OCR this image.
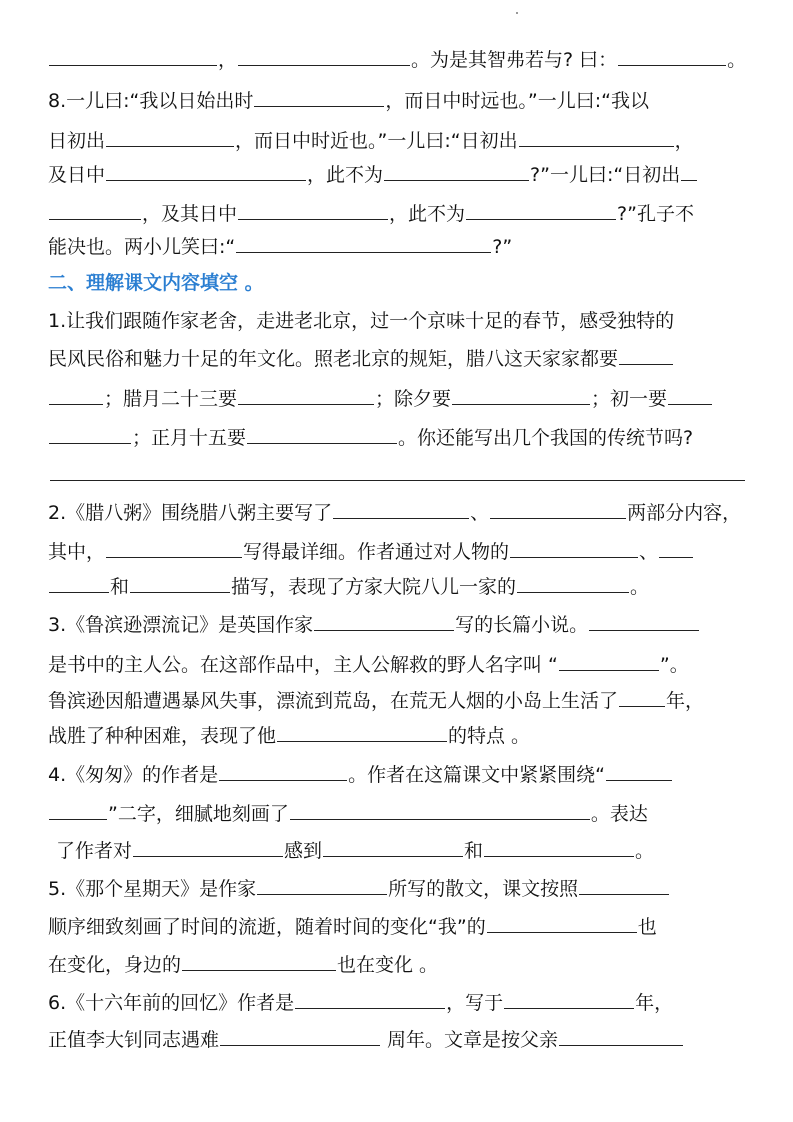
，	。为是其智弗若与? 曰：	。
8.一儿曰:“我以日始出时	，而日中时远也。”一儿曰:“我以
日初出	，而日中时近也。”一儿曰:“日初出	，
及日中	，此不为	?”一儿曰:“日初出
，及其日中	，此不为	?”孔子不
能决也。两小儿笑曰:“	?”
二、理解课文内容填空 。
1.让我们跟随作家老舍，走进老北京，过一个京味十足的春节，感受独特的
民风民俗和魅力十足的年文化。照老北京的规矩，腊八这天家家都要
；腊月二十三要	；除夕要	；初一要
；正月十五要	。你还能写出几个我国的传统节吗?
2.《腊八粥》围绕腊八粥主要写了	、	两部分内容，
其中，	写得最详细。作者通过对人物的	、
和	描写，表现了方家大院八儿一家的	。
3.《鲁滨逊漂流记》是英国作家	写的长篇小说。
是书中的主人公。在这部作品中，主人公解救的野人名字叫 “	”。
鲁滨逊因船遭遇暴风失事，漂流到荒岛，在荒无人烟的小岛上生活了	年，
战胜了种种困难，表现了他	的特点 。
4.《匆匆》的作者是	。作者在这篇课文中紧紧围绕“
”二字，细腻地刻画了	。表达
了作者对	感到	和	。
5.《那个星期天》是作家	所写的散文，课文按照
顺序细致刻画了时间的流逝，随着时间的变化“我”的	也
在变化，身边的	也在变化 。
6.《十六年前的回忆》作者是	，写于	年，
正值李大钊同志遇难	周年。文章是按父亲
